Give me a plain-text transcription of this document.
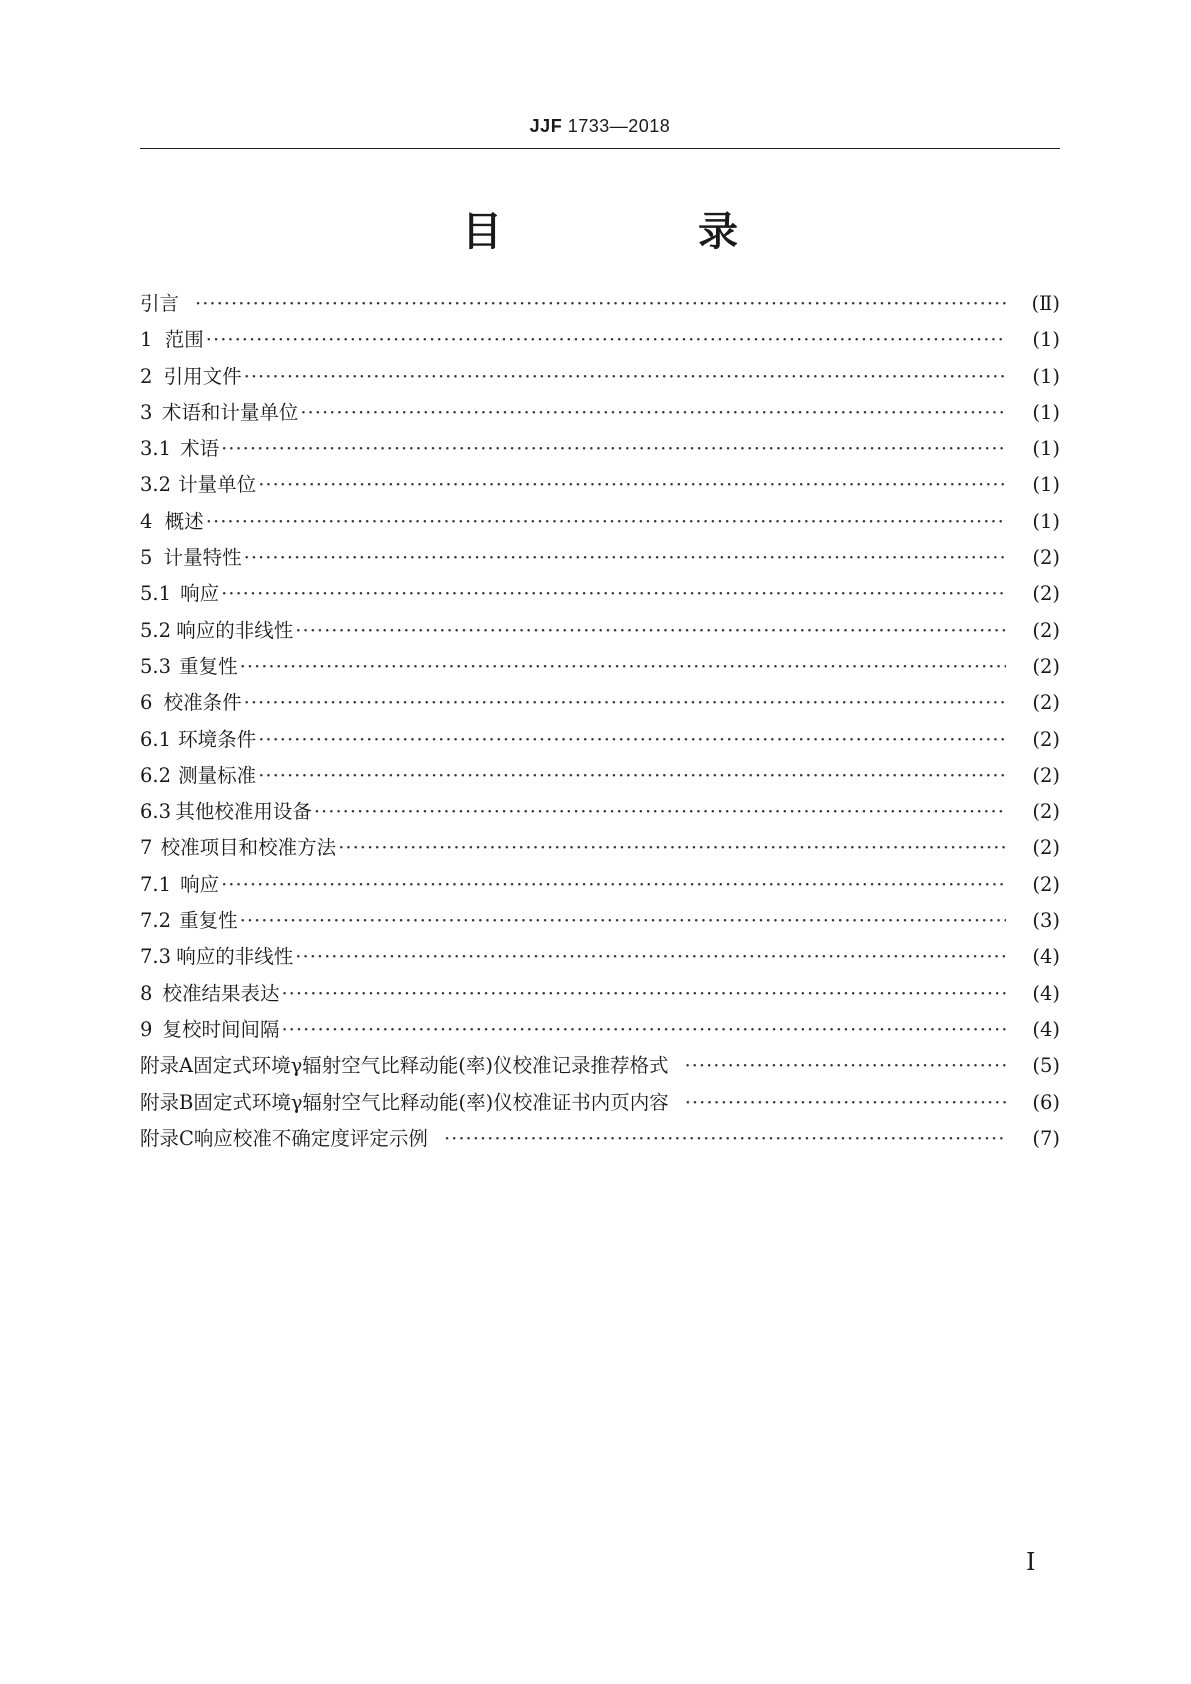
JJF 1733—2018
目　录
引言 ·····	(Ⅱ)
1 范围 ·····	(1)
2 引用文件 ·····	(1)
3 术语和计量单位 ·····	(1)
3.1 术语 ·····	(1)
3.2 计量单位 ·····	(1)
4 概述 ·····	(1)
5 计量特性 ·····	(2)
5.1 响应 ·····	(2)
5.2 响应的非线性 ·····	(2)
5.3 重复性 ·····	(2)
6 校准条件 ·····	(2)
6.1 环境条件 ·····	(2)
6.2 测量标准 ·····	(2)
6.3 其他校准用设备 ·····	(2)
7 校准项目和校准方法 ·····	(2)
7.1 响应 ·····	(2)
7.2 重复性 ·····	(3)
7.3 响应的非线性 ·····	(4)
8 校准结果表达 ·····	(4)
9 复校时间间隔 ·····	(4)
附录A 固定式环境γ辐射空气比释动能(率)仪校准记录推荐格式 ·····	(5)
附录B 固定式环境γ辐射空气比释动能(率)仪校准证书内页内容 ·····	(6)
附录C 响应校准不确定度评定示例 ·····	(7)
Ⅰ
